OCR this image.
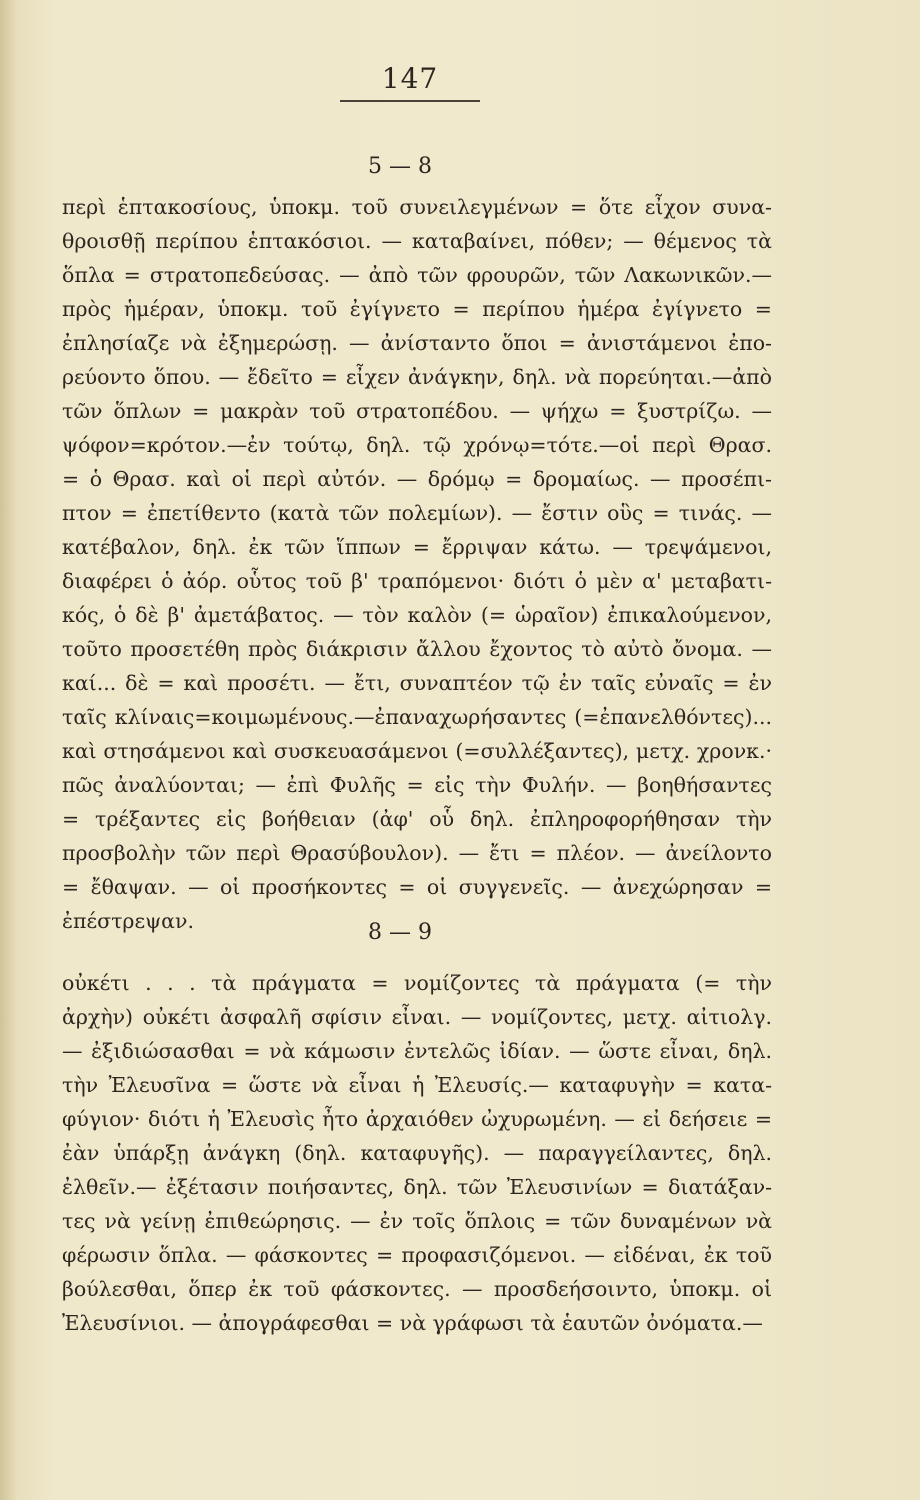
147
5 — 8
περὶ ἑπτακοσίους, ὑποκμ. τοῦ συνειλεγμένων = ὅτε εἶχον συνα-
θροισθῇ περίπου ἑπτακόσιοι. — καταβαίνει, πόθεν; — θέμενος τὰ
ὅπλα = στρατοπεδεύσας. — ἀπὸ τῶν φρουρῶν, τῶν Λακωνικῶν.—
πρὸς ἡμέραν, ὑποκμ. τοῦ ἐγίγνετο = περίπου ἡμέρα ἐγίγνετο =
ἐπλησίαζε νὰ ἐξημερώσῃ. — ἀνίσταντο ὅποι = ἀνιστάμενοι ἐπο-
ρεύοντο ὅπου. — ἔδεῖτο = εἶχεν ἀνάγκην, δηλ. νὰ πορεύηται.—ἀπὸ
τῶν ὅπλων = μακρὰν τοῦ στρατοπέδου. — ψήχω = ξυστρίζω. —
ψόφον=κρότον.—ἐν τούτῳ, δηλ. τῷ χρόνῳ=τότε.—οἱ περὶ Θρασ.
= ὁ Θρασ. καὶ οἱ περὶ αὐτόν. — δρόμῳ = δρομαίως. — προσέπι-
πτον = ἐπετίθεντο (κατὰ τῶν πολεμίων). — ἔστιν οὓς = τινάς. —
κατέβαλον, δηλ. ἐκ τῶν ἵππων = ἔρριψαν κάτω. — τρεψάμενοι,
διαφέρει ὁ ἀόρ. οὗτος τοῦ β' τραπόμενοι· διότι ὁ μὲν α' μεταβατι-
κός, ὁ δὲ β' ἀμετάβατος. — τὸν καλὸν (= ὡραῖον) ἐπικαλούμενον,
τοῦτο προσετέθη πρὸς διάκρισιν ἄλλου ἔχοντος τὸ αὐτὸ ὄνομα. —
καί... δὲ = καὶ προσέτι. — ἔτι, συναπτέον τῷ ἐν ταῖς εὐναῖς = ἐν
ταῖς κλίναις=κοιμωμένους.—ἐπαναχωρήσαντες (=ἐπανελθόντες)...
καὶ στησάμενοι καὶ συσκευασάμενοι (=συλλέξαντες), μετχ. χρονκ.·
πῶς ἀναλύονται; — ἐπὶ Φυλῆς = εἰς τὴν Φυλήν. — βοηθήσαντες
= τρέξαντες εἰς βοήθειαν (ἀφ' οὗ δηλ. ἐπληροφορήθησαν τὴν
προσβολὴν τῶν περὶ Θρασύβουλον). — ἔτι = πλέον. — ἀνείλοντο
= ἔθαψαν. — οἱ προσήκοντες = οἱ συγγενεῖς. — ἀνεχώρησαν =
ἐπέστρεψαν.	8 — 9
οὐκέτι . . . τὰ πράγματα = νομίζοντες τὰ πράγματα (= τὴν
ἀρχὴν) οὐκέτι ἀσφαλῆ σφίσιν εἶναι. — νομίζοντες, μετχ. αἰτιολγ.
— ἐξιδιώσασθαι = νὰ κάμωσιν ἐντελῶς ἰδίαν. — ὥστε εἶναι, δηλ.
τὴν Ἐλευσῖνα = ὥστε νὰ εἶναι ἡ Ἐλευσίς.— καταφυγὴν = κατα-
φύγιον· διότι ἡ Ἐλευσὶς ἦτο ἀρχαιόθεν ὠχυρωμένη. — εἰ δεήσειε =
ἐὰν ὑπάρξῃ ἀνάγκη (δηλ. καταφυγῆς). — παραγγείλαντες, δηλ.
ἐλθεῖν.— ἐξέτασιν ποιήσαντες, δηλ. τῶν Ἐλευσινίων = διατάξαν-
τες νὰ γείνῃ ἐπιθεώρησις. — ἐν τοῖς ὅπλοις = τῶν δυναμένων νὰ
φέρωσιν ὅπλα. — φάσκοντες = προφασιζόμενοι. — εἰδέναι, ἐκ τοῦ
βούλεσθαι, ὅπερ ἐκ τοῦ φάσκοντες. — προσδεήσοιντο, ὑποκμ. οἱ
Ἐλευσίνιοι. — ἀπογράφεσθαι = νὰ γράφωσι τὰ ἑαυτῶν ὀνόματα.—
